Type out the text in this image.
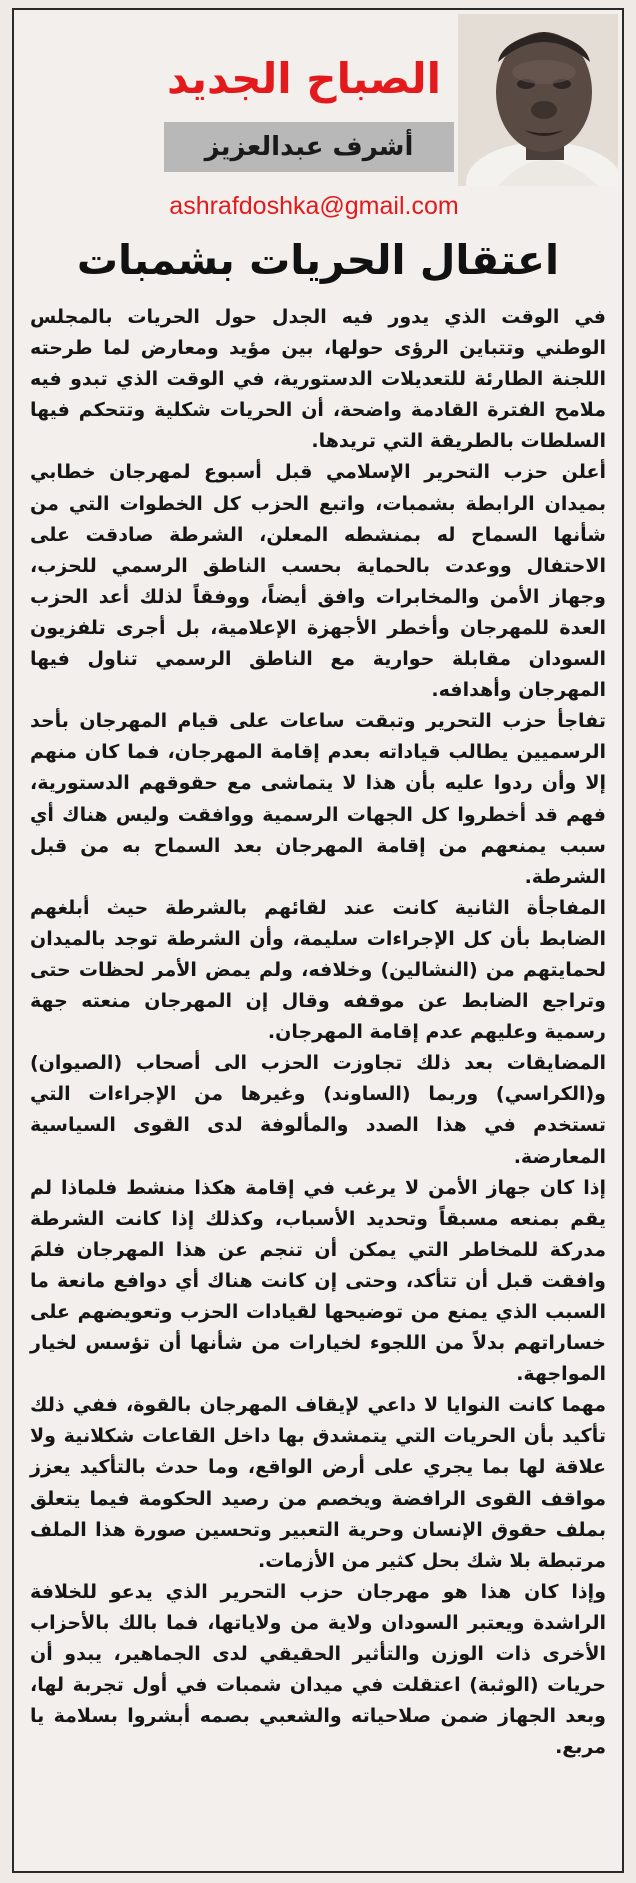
الصباح الجديد
أشرف عبدالعزيز
ashrafdoshka@gmail.com
اعتقال الحريات بشمبات

في الوقت الذي يدور فيه الجدل حول الحريات بالمجلس الوطني وتتباين الرؤى حولها، بين مؤيد ومعارض لما طرحته اللجنة الطارئة للتعديلات الدستورية، في الوقت الذي تبدو فيه ملامح الفترة القادمة واضحة، أن الحريات شكلية وتتحكم فيها السلطات بالطريقة التي تريدها.

أعلن حزب التحرير الإسلامي قبل أسبوع لمهرجان خطابي بميدان الرابطة بشمبات، واتبع الحزب كل الخطوات التي من شأنها السماح له بمنشطه المعلن، الشرطة صادقت على الاحتفال ووعدت بالحماية بحسب الناطق الرسمي للحزب، وجهاز الأمن والمخابرات وافق أيضاً، ووفقاً لذلك أعد الحزب العدة للمهرجان وأخطر الأجهزة الإعلامية، بل أجرى تلفزيون السودان مقابلة حوارية مع الناطق الرسمي تناول فيها المهرجان وأهدافه.

تفاجأ حزب التحرير وتبقت ساعات على قيام المهرجان بأحد الرسميين يطالب قياداته بعدم إقامة المهرجان، فما كان منهم إلا وأن ردوا عليه بأن هذا لا يتماشى مع حقوقهم الدستورية، فهم قد أخطروا كل الجهات الرسمية ووافقت وليس هناك أي سبب يمنعهم من إقامة المهرجان بعد السماح به من قبل الشرطة.

المفاجأة الثانية كانت عند لقائهم بالشرطة حيث أبلغهم الضابط بأن كل الإجراءات سليمة، وأن الشرطة توجد بالميدان لحمايتهم من (النشالين) وخلافه، ولم يمض الأمر لحظات حتى وتراجع الضابط عن موقفه وقال إن المهرجان منعته جهة رسمية وعليهم عدم إقامة المهرجان.

المضايقات بعد ذلك تجاوزت الحزب الى أصحاب (الصيوان) و(الكراسي) وربما (الساوند) وغيرها من الإجراءات التي تستخدم في هذا الصدد والمألوفة لدى القوى السياسية المعارضة.

إذا كان جهاز الأمن لا يرغب في إقامة هكذا منشط فلماذا لم يقم بمنعه مسبقاً وتحديد الأسباب، وكذلك إذا كانت الشرطة مدركة للمخاطر التي يمكن أن تنجم عن هذا المهرجان فلمَ وافقت قبل أن تتأكد، وحتى إن كانت هناك أي دوافع مانعة ما السبب الذي يمنع من توضيحها لقيادات الحزب وتعويضهم على خساراتهم بدلاً من اللجوء لخيارات من شأنها أن تؤسس لخيار المواجهة.

مهما كانت النوايا لا داعي لإيقاف المهرجان بالقوة، ففي ذلك تأكيد بأن الحريات التي يتمشدق بها داخل القاعات شكلانية ولا علاقة لها بما يجري على أرض الواقع، وما حدث بالتأكيد يعزز مواقف القوى الرافضة ويخصم من رصيد الحكومة فيما يتعلق بملف حقوق الإنسان وحرية التعبير وتحسين صورة هذا الملف مرتبطة بلا شك بحل كثير من الأزمات.

وإذا كان هذا هو مهرجان حزب التحرير الذي يدعو للخلافة الراشدة ويعتبر السودان ولاية من ولاياتها، فما بالك بالأحزاب الأخرى ذات الوزن والتأثير الحقيقي لدى الجماهير، يبدو أن حريات (الوثبة) اعتقلت في ميدان شمبات في أول تجربة لها، وبعد الجهاز ضمن صلاحياته والشعبي بصمه أبشروا بسلامة يا مربع.
